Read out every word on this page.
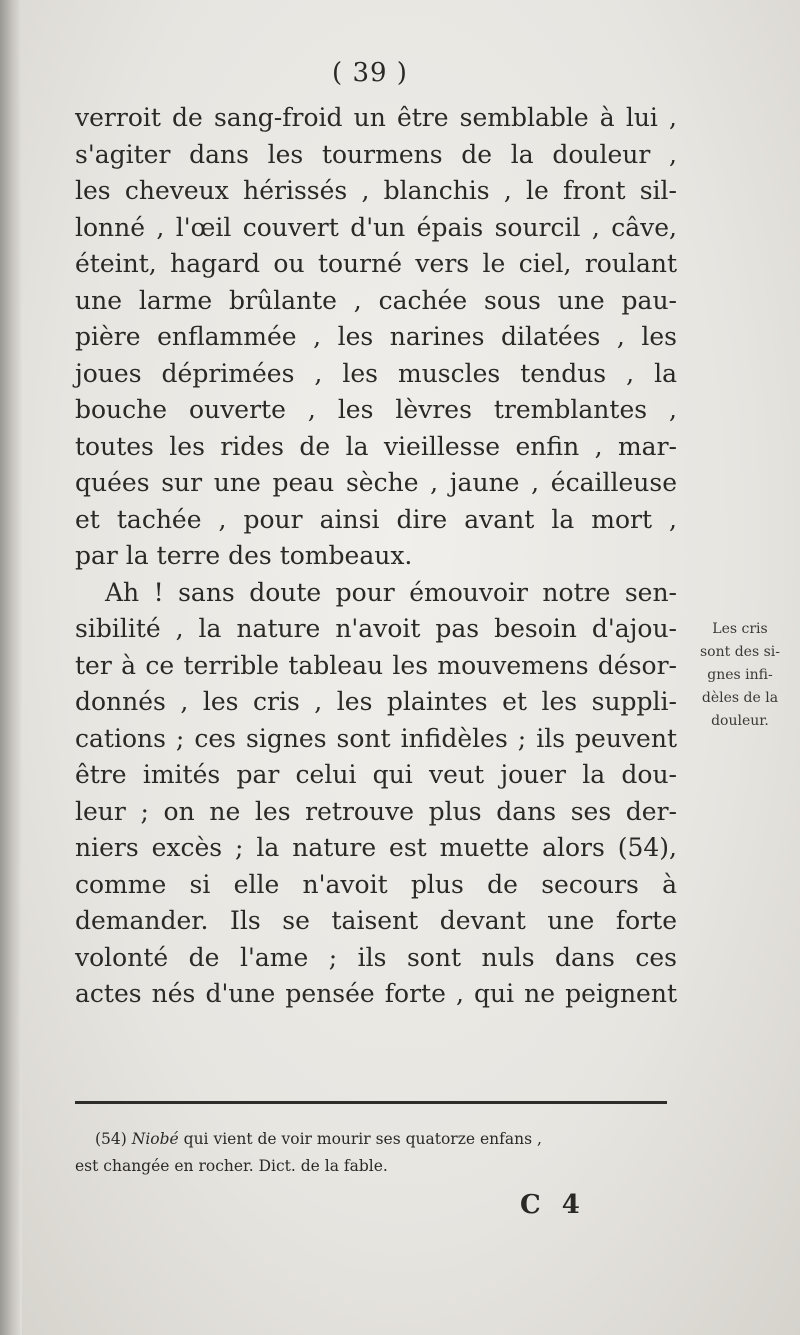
( 39 )
verroit de sang-froid un être semblable à lui ,
s'agiter dans les tourmens de la douleur ,
les cheveux hérissés , blanchis , le front sil-
lonné , l'œil couvert d'un épais sourcil , câve,
éteint, hagard ou tourné vers le ciel, roulant
une larme brûlante , cachée sous une pau-
pière enflammée , les narines dilatées , les
joues déprimées , les muscles tendus , la
bouche ouverte , les lèvres tremblantes ,
toutes les rides de la vieillesse enfin , mar-
quées sur une peau sèche , jaune , écailleuse
et tachée , pour ainsi dire avant la mort ,
par la terre des tombeaux.
Ah ! sans doute pour émouvoir notre sen-
sibilité , la nature n'avoit pas besoin d'ajou-
ter à ce terrible tableau les mouvemens désor-
donnés , les cris , les plaintes et les suppli-
cations ; ces signes sont infidèles ; ils peuvent
être imités par celui qui veut jouer la dou-
leur ; on ne les retrouve plus dans ses der-
niers excès ; la nature est muette alors (54),
comme si elle n'avoit plus de secours à
demander. Ils se taisent devant une forte
volonté de l'ame ; ils sont nuls dans ces
actes nés d'une pensée forte , qui ne peignent
Les cris
sont des si-
gnes infi-
dèles de la
douleur.
(54) Niobé qui vient de voir mourir ses quatorze enfans ,
est changée en rocher. Dict. de la fable.
C 4
